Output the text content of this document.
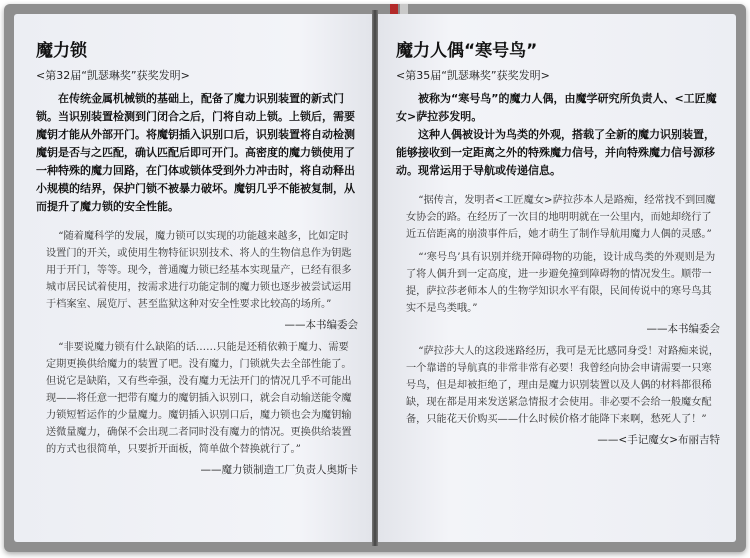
魔力锁

<第32届“凯瑟琳奖”获奖发明>

在传统金属机械锁的基础上，配备了魔力识别装置的新式门锁。当识别装置检测到门闭合之后，门将自动上锁。上锁后，需要魔钥才能从外部开门。将魔钥插入识别口后，识别装置将自动检测魔钥是否与之匹配，确认匹配后即可开门。高密度的魔力锁使用了一种特殊的魔力回路，在门体或锁体受到外力冲击时，将自动释出小规模的结界，保护门锁不被暴力破坏。魔钥几乎不能被复制，从而提升了魔力锁的安全性能。

“随着魔科学的发展，魔力锁可以实现的功能越来越多，比如定时设置门的开关，或使用生物特征识别技术、将人的生物信息作为钥匙用于开门，等等。现今，普通魔力锁已经基本实现量产，已经有很多城市居民试着使用，按需求进行功能定制的魔力锁也逐步被尝试运用于档案室、展览厅、甚至监狱这种对安全性要求比较高的场所。”

——本书编委会

“非要说魔力锁有什么缺陷的话……只能是还稍依赖于魔力、需要定期更换供给魔力的装置了吧。没有魔力，门锁就失去全部性能了。但说它是缺陷，又有些牵强，没有魔力无法开门的情况几乎不可能出现——将任意一把带有魔力的魔钥插入识别口，就会自动输送能令魔力锁短暂运作的少量魔力。魔钥插入识别口后，魔力锁也会为魔钥输送微量魔力，确保不会出现二者同时没有魔力的情况。更换供给装置的方式也很简单，只要折开面板，简单做个替换就行了。”

——魔力锁制造工厂负责人奥斯卡

魔力人偶“寒号鸟”

<第35届“凯瑟琳奖”获奖发明>

被称为“寒号鸟”的魔力人偶，由魔学研究所负责人、<工匠魔女>萨拉莎发明。

这种人偶被设计为鸟类的外观，搭载了全新的魔力识别装置，能够接收到一定距离之外的特殊魔力信号，并向特殊魔力信号源移动。现常运用于导航或传递信息。

“据传言，发明者<工匠魔女>萨拉莎本人是路痴，经常找不到回魔女协会的路。在经历了一次目的地明明就在一公里内，而她却绕行了近五倍距离的崩溃事件后，她才萌生了制作导航用魔力人偶的灵感。”

“‘寒号鸟’具有识别并绕开障碍物的功能，设计成鸟类的外观则是为了将人偶升到一定高度，进一步避免撞到障碍物的情况发生。顺带一提，萨拉莎老师本人的生物学知识水平有限，民间传说中的寒号鸟其实不是鸟类哦。”

——本书编委会

“萨拉莎大人的这段迷路经历，我可是无比感同身受！对路痴来说，一个靠谱的导航真的非常非常有必要！我曾经向协会申请需要一只寒号鸟，但是却被拒绝了，理由是魔力识别装置以及人偶的材料都很稀缺，现在都是用来发送紧急情报才会使用。非必要不会给一般魔女配备，只能花天价购买——什么时候价格才能降下来啊，愁死人了！”

——<手记魔女>布丽吉特
